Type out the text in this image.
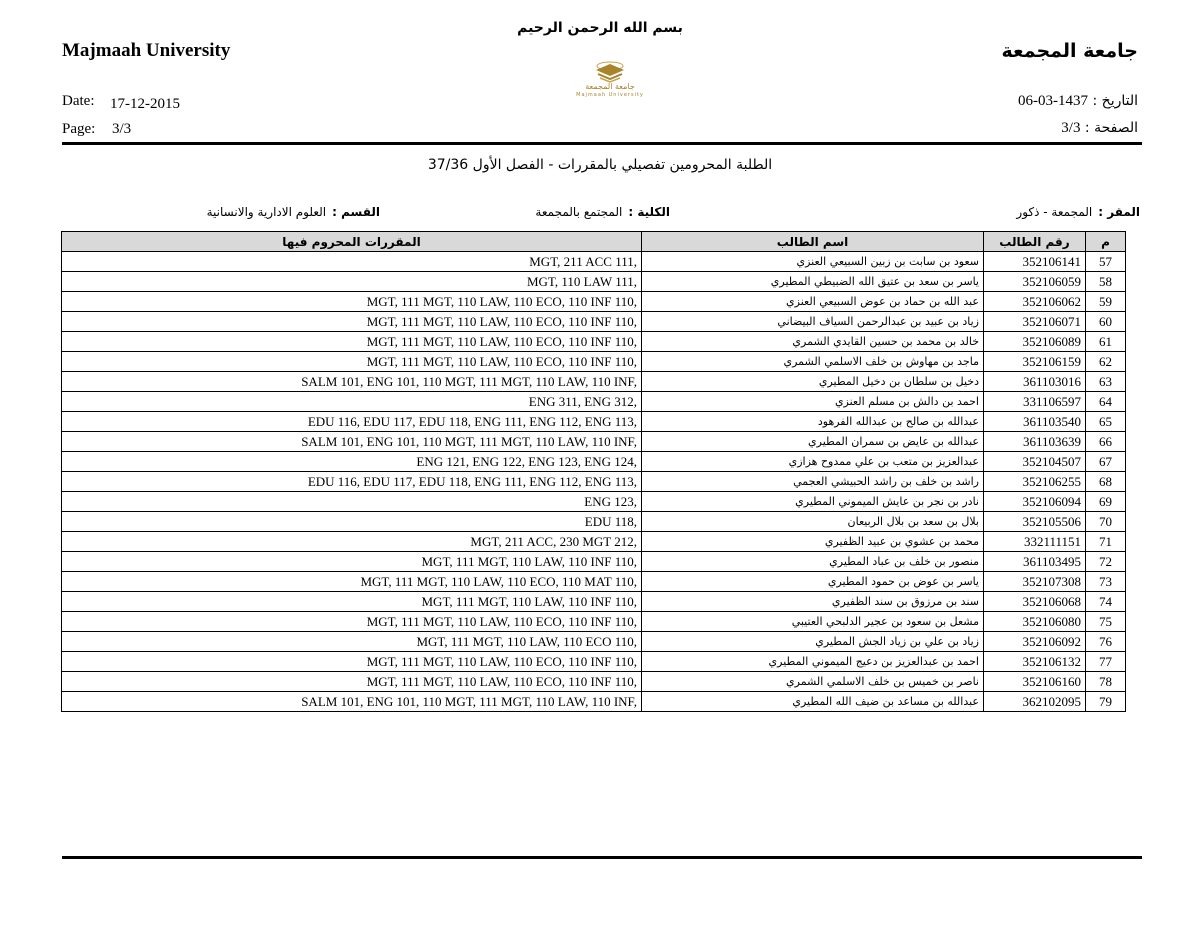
بسم الله الرحمن الرحيم
Majmaah University	جامعة المجمعة
جامعة المجمعة
Majmaah University
Date: 17-12-2015
Page: 3/3
التاريخ : 1437-03-06
الصفحة : 3/3
الطلبة المحرومين تفصيلي بالمقررات - الفصل الأول 37/36
المقر :المجمعة - ذكور
الكلية :المجتمع بالمجمعة
القسم :العلوم الادارية والانسانية
المقررات المحروم فيها	اسم الطالب	رقم الطالب	م
MGT, 211 ACC 111,	سعود بن سابت بن زبين السبيعي العنزي	352106141	57
MGT, 110 LAW 111,	ياسر بن سعد بن عتيق الله الضبيطي المطيري	352106059	58
MGT, 111 MGT, 110 LAW, 110 ECO, 110 INF 110,	عبد الله بن حماد بن عوض السبيعي العنزي	352106062	59
MGT, 111 MGT, 110 LAW, 110 ECO, 110 INF 110,	زياد بن عبيد بن عبدالرحمن السياف البيضاني	352106071	60
MGT, 111 MGT, 110 LAW, 110 ECO, 110 INF 110,	خالد بن محمد بن حسين القايدي الشمري	352106089	61
MGT, 111 MGT, 110 LAW, 110 ECO, 110 INF 110,	ماجد بن مهاوش بن خلف الاسلمي الشمري	352106159	62
SALM 101, ENG 101, 110 MGT, 111 MGT, 110 LAW, 110 INF,	دخيل بن سلطان بن دخيل المطيري	361103016	63
ENG 311, ENG 312,	احمد بن دالش بن مسلم العنزي	331106597	64
EDU 116, EDU 117, EDU 118, ENG 111, ENG 112, ENG 113,	عبدالله بن صالح بن عبدالله الفرهود	361103540	65
SALM 101, ENG 101, 110 MGT, 111 MGT, 110 LAW, 110 INF,	عبدالله بن عايض بن سمران المطيري	361103639	66
ENG 121, ENG 122, ENG 123, ENG 124,	عبدالعزيز بن متعب بن علي ممدوح هزازي	352104507	67
EDU 116, EDU 117, EDU 118, ENG 111, ENG 112, ENG 113,	راشد بن خلف بن راشد الحبيشي العجمي	352106255	68
ENG 123,	نادر بن نجر بن عايش الميموني المطيري	352106094	69
EDU 118,	بلال بن سعد بن بلال الربيعان	352105506	70
MGT, 211 ACC, 230 MGT 212,	محمد بن عشوي بن عبيد الظفيري	332111151	71
MGT, 111 MGT, 110 LAW, 110 INF 110,	منصور بن خلف بن عباد المطيري	361103495	72
MGT, 111 MGT, 110 LAW, 110 ECO, 110 MAT 110,	ياسر بن عوض بن حمود المطيري	352107308	73
MGT, 111 MGT, 110 LAW, 110 INF 110,	سند بن مرزوق بن سند الظفيري	352106068	74
MGT, 111 MGT, 110 LAW, 110 ECO, 110 INF 110,	مشعل بن سعود بن عجير الدلبحي العتيبي	352106080	75
MGT, 111 MGT, 110 LAW, 110 ECO 110,	زياد بن علي بن زياد الجش المطيري	352106092	76
MGT, 111 MGT, 110 LAW, 110 ECO, 110 INF 110,	احمد بن عبدالعزيز بن دعيج الميموني المطيري	352106132	77
MGT, 111 MGT, 110 LAW, 110 ECO, 110 INF 110,	ناصر بن خميس بن خلف الاسلمي الشمري	352106160	78
SALM 101, ENG 101, 110 MGT, 111 MGT, 110 LAW, 110 INF,	عبدالله بن مساعد بن ضيف الله المطيري	362102095	79
